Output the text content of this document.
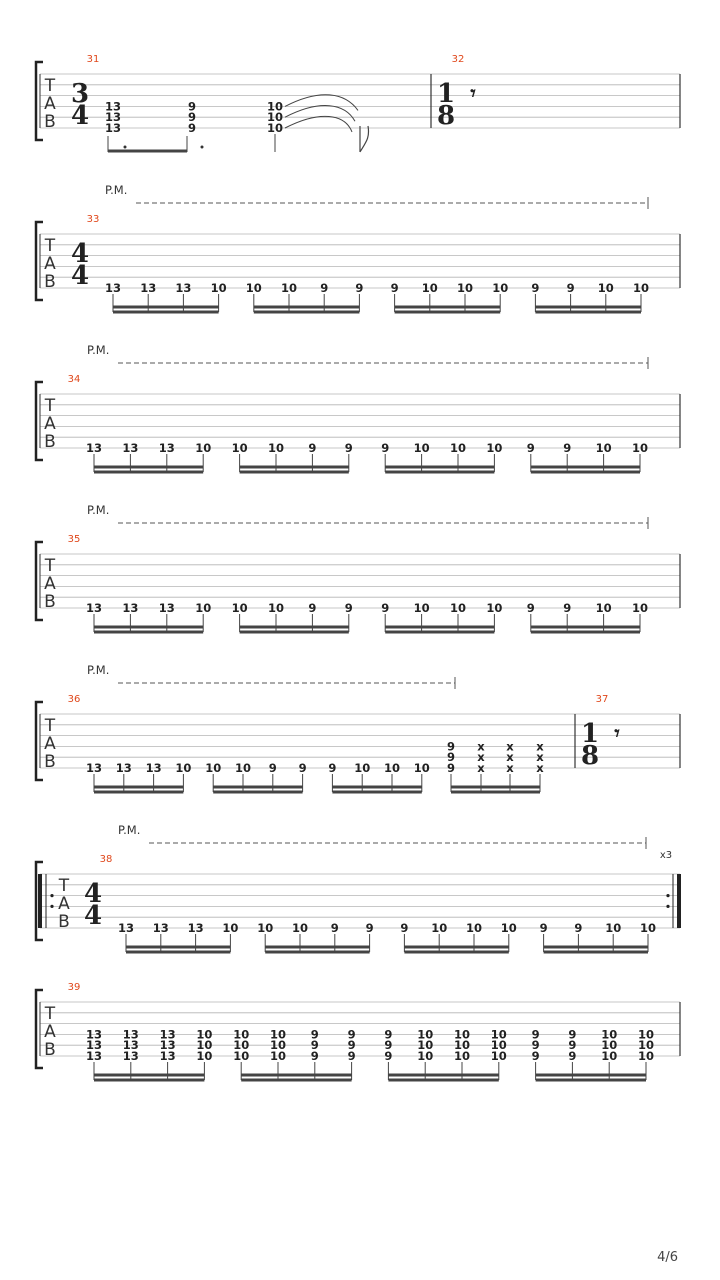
T
A
B
31
3
4 13
13
13
9
9
9
10
10
10
32
1
8
𝄾
T
A
B
33
4
4
P.M.
13 13 13 10 10 10 9 9 9 10 10 10 9 9 10 10
T
A
B
34
P.M.
13 13 13 10 10 10 9 9 9 10 10 10 9 9 10 10
T
A
B
35
P.M.
13 13 13 10 10 10 9 9 9 10 10 10 9 9 10 10
T
A
B
36
P.M.
13 13 13 10 10 10 9 9 9 10 10 10
9
9
9
x
x
x
x
x
x
x
x
x
37
1
8
𝄾
T
A
B
38
4
4
P.M.
13 13 13 10 10 10 9 9 9 10 10 10 9 9 10 10
x3
T
A
B
39
13
13
13
13
13
13
13
13
13
10
10
10
10
10
10
10
10
10
9
9
9
9
9
9
9
9
9
10
10
10
10
10
10
10
10
10
9
9
9
9
9
9
10
10
10
10
10
10
4/6
